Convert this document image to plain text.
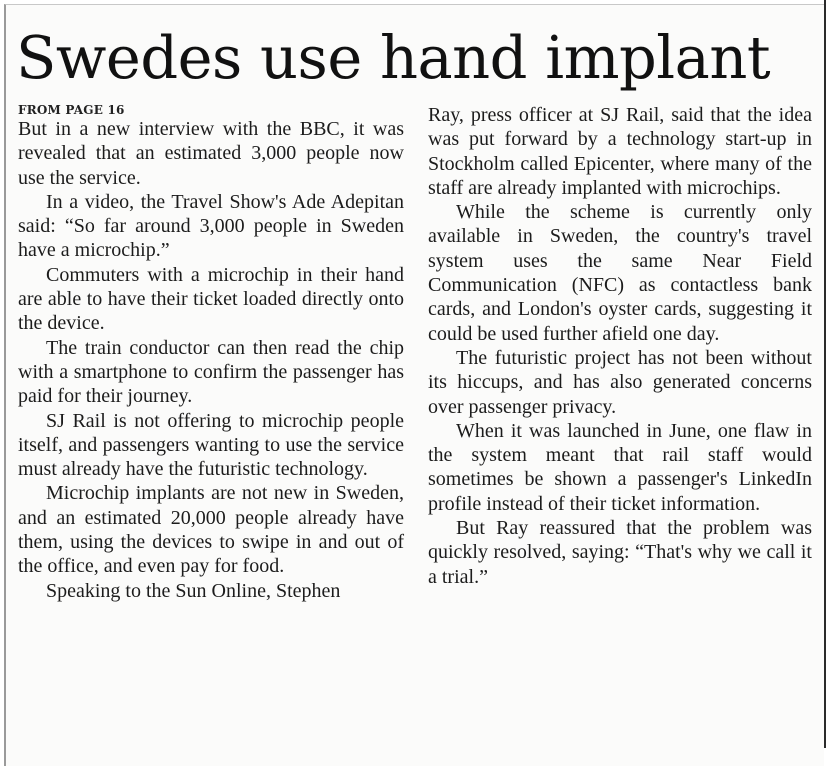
Swedes use hand implant

FROM PAGE 16

But in a new interview with the BBC, it was revealed that an estimated 3,000 people now use the service.

In a video, the Travel Show's Ade Adepitan said: “So far around 3,000 people in Sweden have a microchip.”

Commuters with a microchip in their hand are able to have their ticket loaded directly onto the device.

The train conductor can then read the chip with a smartphone to confirm the passenger has paid for their journey.

SJ Rail is not offering to microchip people itself, and passengers wanting to use the service must already have the futuristic technology.

Microchip implants are not new in Sweden, and an estimated 20,000 people already have them, using the devices to swipe in and out of the office, and even pay for food.

Speaking to the Sun Online, Stephen

Ray, press officer at SJ Rail, said that the idea was put forward by a technology start-up in Stockholm called Epicenter, where many of the staff are already implanted with microchips.

While the scheme is currently only available in Sweden, the country's travel system uses the same Near Field Communication (NFC) as contactless bank cards, and London's oyster cards, suggesting it could be used further afield one day.

The futuristic project has not been without its hiccups, and has also generated concerns over passenger privacy.

When it was launched in June, one flaw in the system meant that rail staff would sometimes be shown a passenger's LinkedIn profile instead of their ticket information.

But Ray reassured that the problem was quickly resolved, saying: “That's why we call it a trial.”
